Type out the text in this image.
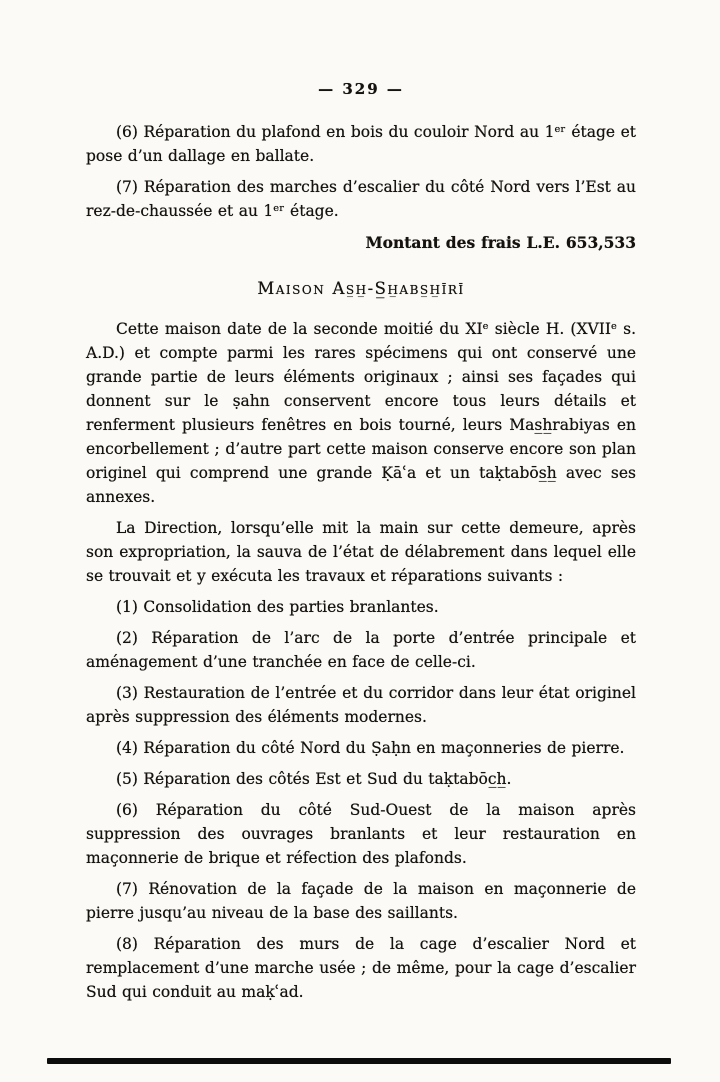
— 329 —

(6) Réparation du plafond en bois du couloir Nord au 1ᵉʳ étage et pose d’un dallage en ballate.

(7) Réparation des marches d’escalier du côté Nord vers l’Est au rez-de-chaussée et au 1ᵉʳ étage.

Montant des frais L.E. 653,533

Maison As̲h̲-S̲h̲abs̲h̲īrī

Cette maison date de la seconde moitié du XIᵉ siècle H. (XVIIᵉ s. A.D.) et compte parmi les rares spécimens qui ont conservé une grande partie de leurs éléments originaux ; ainsi ses façades qui donnent sur le ṣahn conservent encore tous leurs détails et renferment plusieurs fenêtres en bois tourné, leurs Mas̲h̲rabiyas en encorbellement ; d’autre part cette maison conserve encore son plan originel qui comprend une grande Ḳāʿa et un taḳtabōs̲h̲ avec ses annexes.

La Direction, lorsqu’elle mit la main sur cette demeure, après son expropriation, la sauva de l’état de délabrement dans lequel elle se trouvait et y exécuta les travaux et réparations suivants :

(1) Consolidation des parties branlantes.

(2) Réparation de l’arc de la porte d’entrée principale et aménagement d’une tranchée en face de celle-ci.

(3) Restauration de l’entrée et du corridor dans leur état originel après suppression des éléments modernes.

(4) Réparation du côté Nord du Ṣaḥn en maçonneries de pierre.

(5) Réparation des côtés Est et Sud du taḳtabōc̲h̲.

(6) Réparation du côté Sud-Ouest de la maison après suppression des ouvrages branlants et leur restauration en maçonnerie de brique et réfection des plafonds.

(7) Rénovation de la façade de la maison en maçonnerie de pierre jusqu’au niveau de la base des saillants.

(8) Réparation des murs de la cage d’escalier Nord et remplacement d’une marche usée ; de même, pour la cage d’escalier Sud qui conduit au maḳʿad.
